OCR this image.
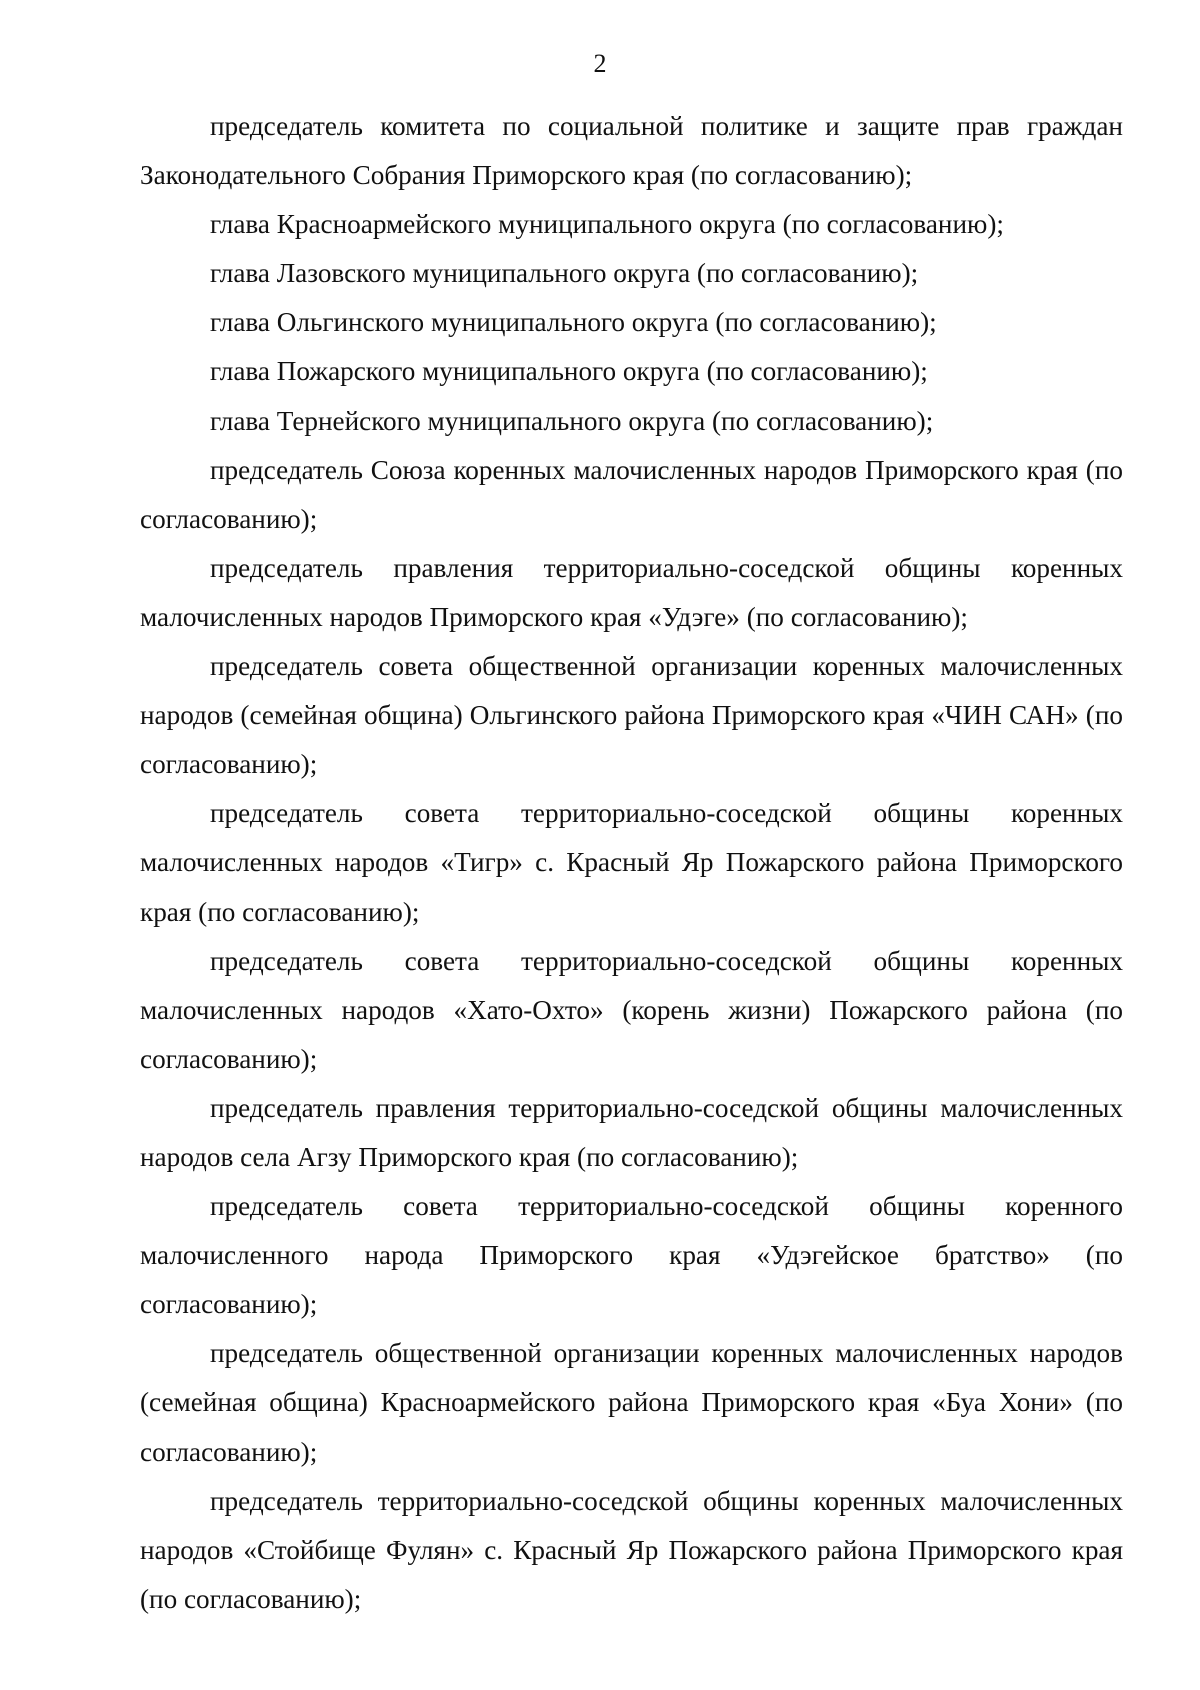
2

председатель комитета по социальной политике и защите прав граждан Законодательного Собрания Приморского края (по согласованию);

глава Красноармейского муниципального округа (по согласованию);

глава Лазовского муниципального округа (по согласованию);

глава Ольгинского муниципального округа (по согласованию);

глава Пожарского муниципального округа (по согласованию);

глава Тернейского муниципального округа (по согласованию);

председатель Союза коренных малочисленных народов Приморского края (по согласованию);

председатель правления территориально-соседской общины коренных малочисленных народов Приморского края «Удэге» (по согласованию);

председатель совета общественной организации коренных малочисленных народов (семейная община) Ольгинского района Приморского края «ЧИН САН» (по согласованию);

председатель совета территориально-соседской общины коренных малочисленных народов «Тигр» с. Красный Яр Пожарского района Приморского края (по согласованию);

председатель совета территориально-соседской общины коренных малочисленных народов «Хато-Охто» (корень жизни) Пожарского района (по согласованию);

председатель правления территориально-соседской общины малочисленных народов села Агзу Приморского края (по согласованию);

председатель совета территориально-соседской общины коренного малочисленного народа Приморского края «Удэгейское братство» (по согласованию);

председатель общественной организации коренных малочисленных народов (семейная община) Красноармейского района Приморского края «Буа Хони» (по согласованию);

председатель территориально-соседской общины коренных малочисленных народов «Стойбище Фулян» с. Красный Яр Пожарского района Приморского края (по согласованию);
